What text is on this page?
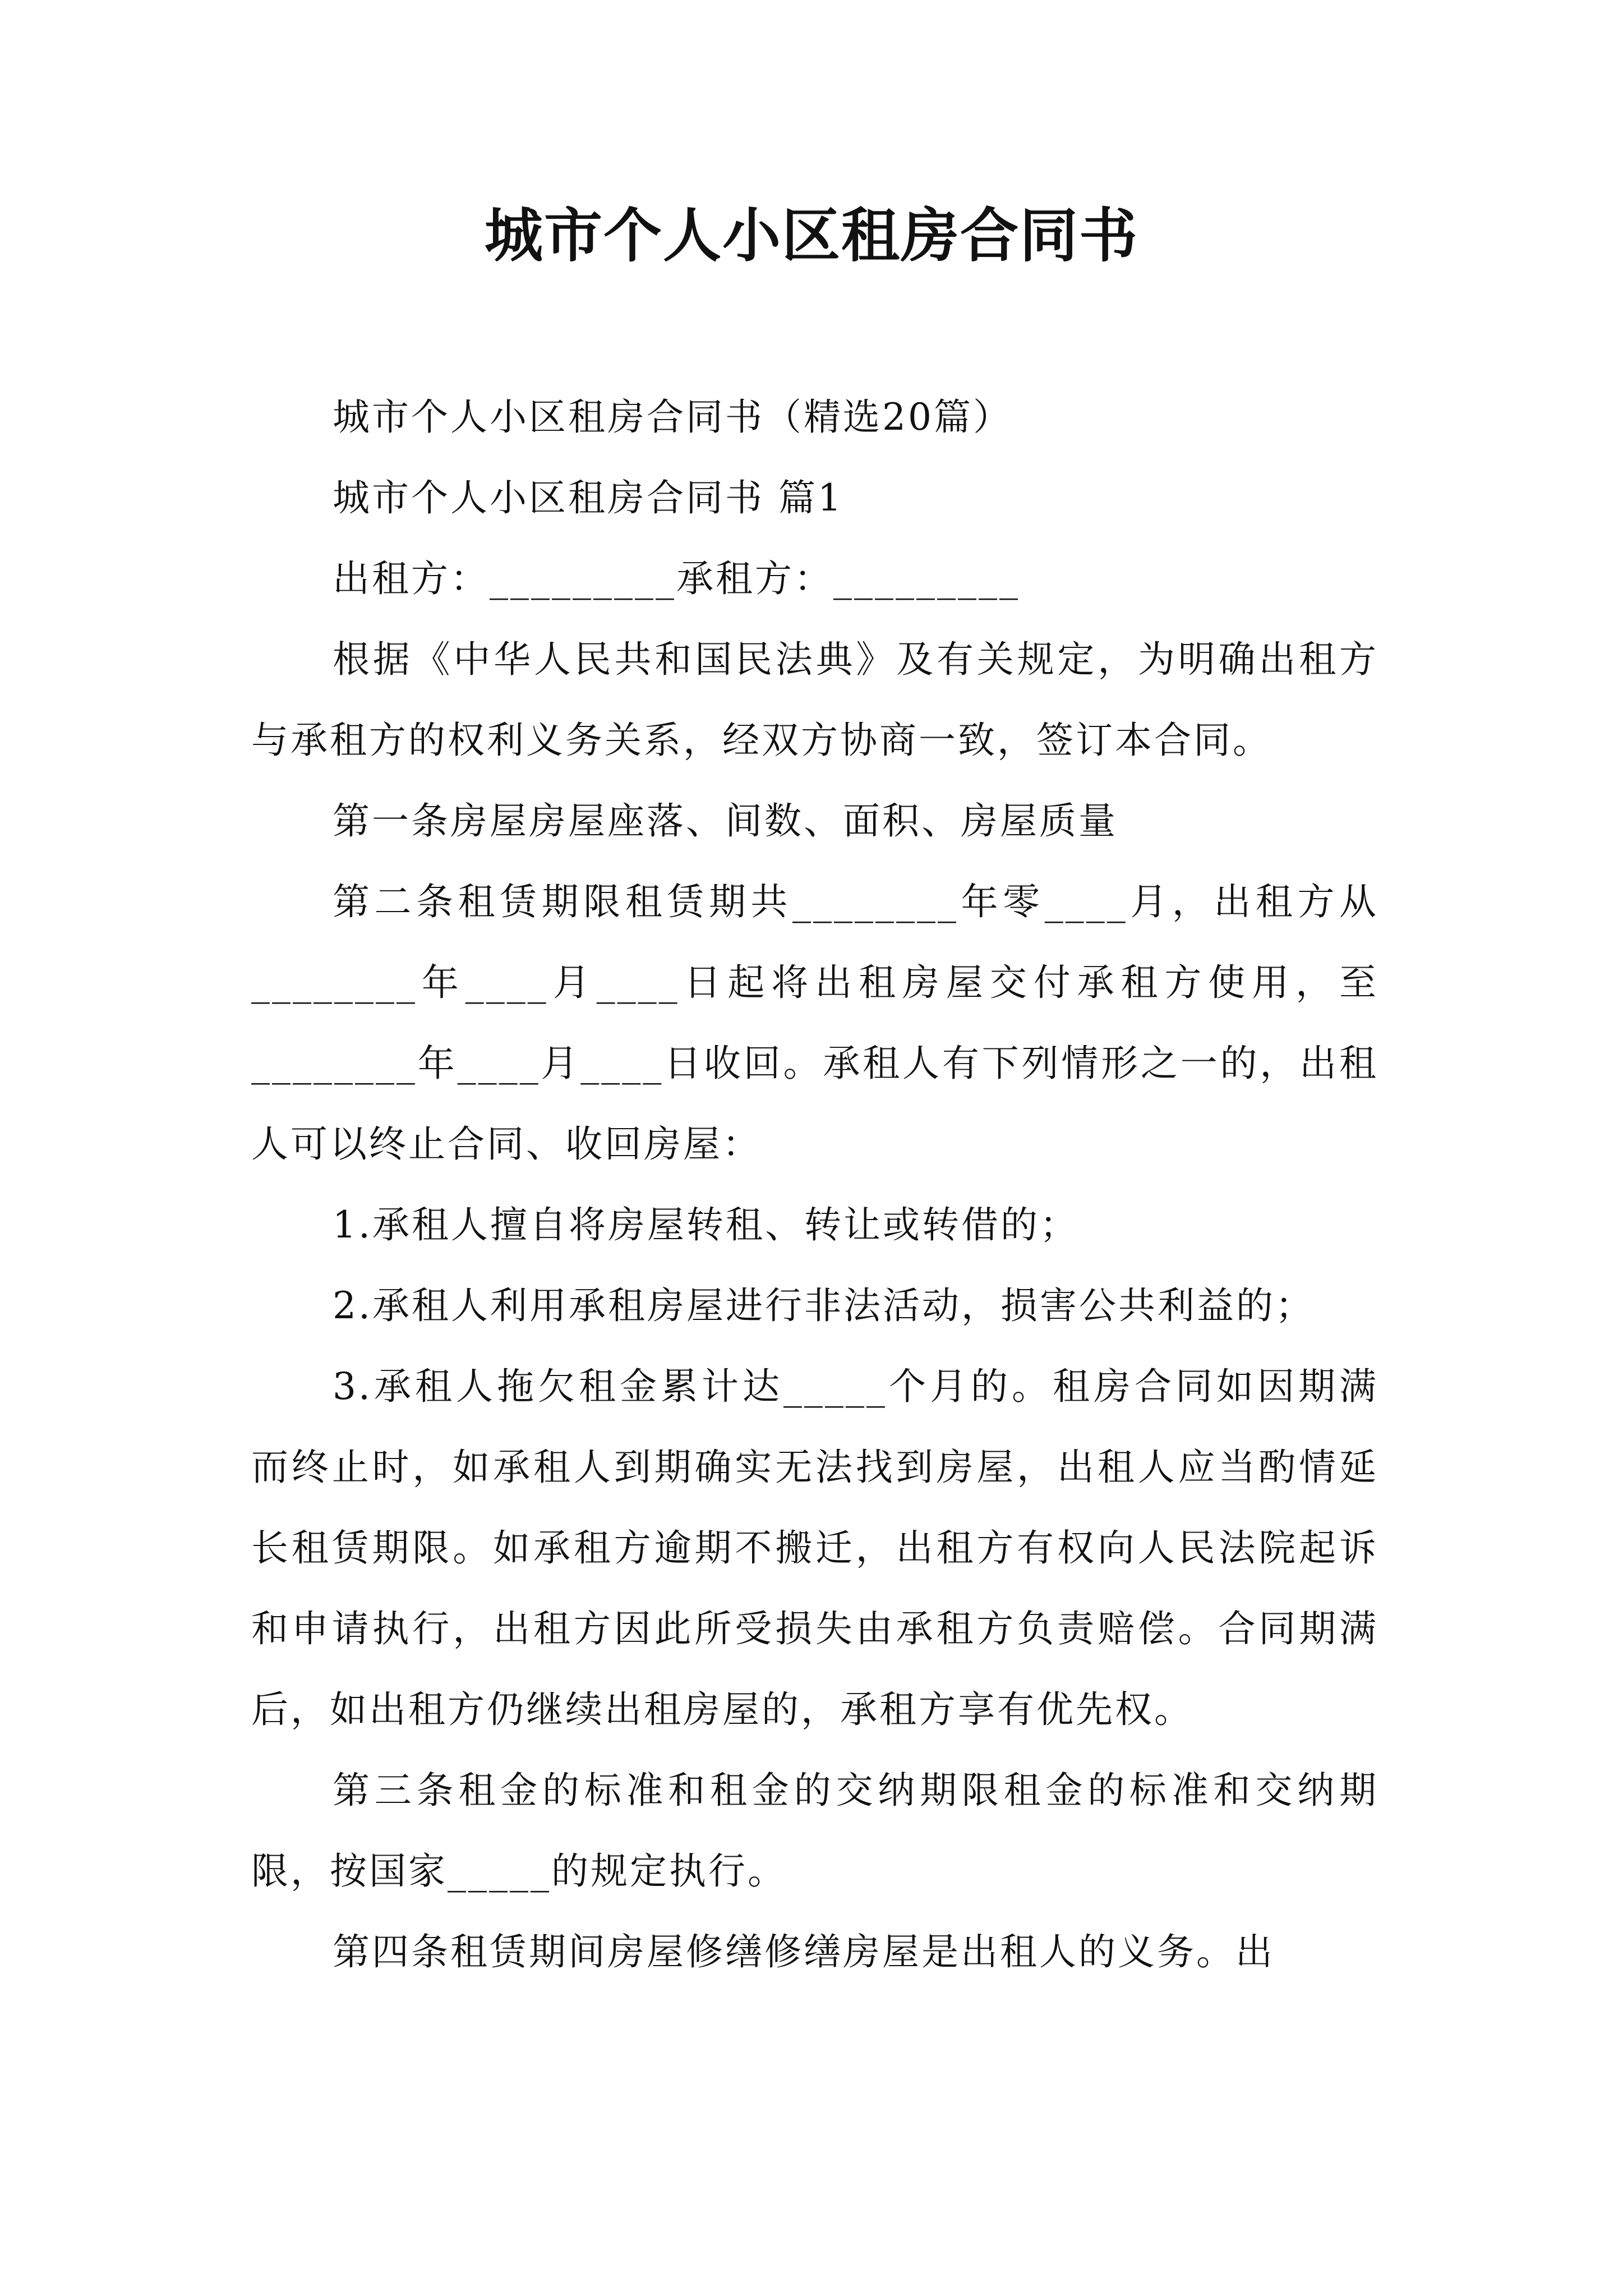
城市个人小区租房合同书

城市个人小区租房合同书（精选20篇）

城市个人小区租房合同书 篇1

出租方：_________承租方：_________

根据《中华人民共和国民法典》及有关规定，为明确出租方与承租方的权利义务关系，经双方协商一致，签订本合同。

第一条房屋房屋座落、间数、面积、房屋质量

第二条租赁期限租赁期共________年零____月，出租方从________年____月____日起将出租房屋交付承租方使用，至________年____月____日收回。承租人有下列情形之一的，出租人可以终止合同、收回房屋：

1.承租人擅自将房屋转租、转让或转借的；

2.承租人利用承租房屋进行非法活动，损害公共利益的；

3.承租人拖欠租金累计达_____个月的。租房合同如因期满而终止时，如承租人到期确实无法找到房屋，出租人应当酌情延长租赁期限。如承租方逾期不搬迁，出租方有权向人民法院起诉和申请执行，出租方因此所受损失由承租方负责赔偿。合同期满后，如出租方仍继续出租房屋的，承租方享有优先权。

第三条租金的标准和租金的交纳期限租金的标准和交纳期限，按国家_____的规定执行。

第四条租赁期间房屋修缮修缮房屋是出租人的义务。出
